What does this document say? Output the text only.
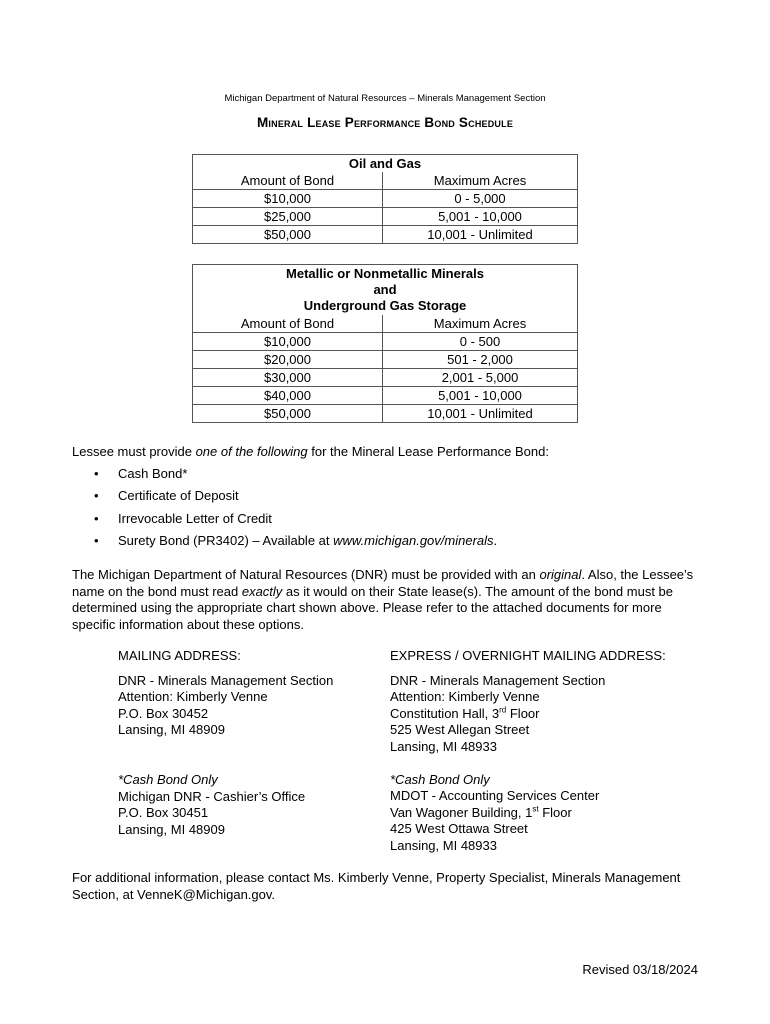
Michigan Department of Natural Resources – Minerals Management Section
Mineral Lease Performance Bond Schedule
Oil and Gas	
Amount of Bond	Maximum Acres
$10,000	0 - 5,000
$25,000	5,001 - 10,000
$50,000	10,001 - Unlimited
Metallic or Nonmetallic Minerals
and
Underground Gas Storage	

Amount of Bond	Maximum Acres
$10,000	0 - 500
$20,000	501 - 2,000
$30,000	2,001 - 5,000
$40,000	5,001 - 10,000
$50,000	10,001 - Unlimited
Lessee must provide one of the following for the Mineral Lease Performance Bond:
• Cash Bond*
• Certificate of Deposit
• Irrevocable Letter of Credit
• Surety Bond (PR3402) – Available at www.michigan.gov/minerals.
The Michigan Department of Natural Resources (DNR) must be provided with an original. Also, the Lessee’s name on the bond must read exactly as it would on their State lease(s). The amount of the bond must be determined using the appropriate chart shown above. Please refer to the attached documents for more specific information about these options.
MAILING ADDRESS:
DNR - Minerals Management Section
Attention: Kimberly Venne
P.O. Box 30452
Lansing, MI 48909
*Cash Bond Only
Michigan DNR - Cashier’s Office
P.O. Box 30451
Lansing, MI 48909
EXPRESS / OVERNIGHT MAILING ADDRESS:
DNR - Minerals Management Section
Attention: Kimberly Venne
Constitution Hall, 3rd Floor
525 West Allegan Street
Lansing, MI 48933
*Cash Bond Only
MDOT - Accounting Services Center
Van Wagoner Building, 1st Floor
425 West Ottawa Street
Lansing, MI 48933
For additional information, please contact Ms. Kimberly Venne, Property Specialist, Minerals Management Section, at VenneK@Michigan.gov.
Revised 03/18/2024
